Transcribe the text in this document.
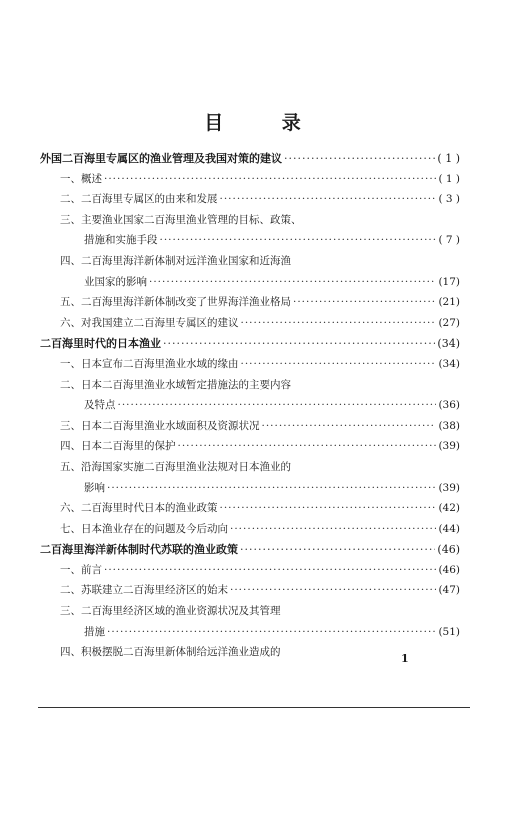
目 录
外国二百海里专属区的渔业管理及我国对策的建议 ·····	( 1 )
一、概述 ·····	( 1 )
二、二百海里专属区的由来和发展 ·····	( 3 )
三、主要渔业国家二百海里渔业管理的目标、政策、
措施和实施手段 ·····	( 7 )
四、二百海里海洋新体制对远洋渔业国家和近海渔
业国家的影响 ·····	(17)
五、二百海里海洋新体制改变了世界海洋渔业格局 ·····	(21)
六、对我国建立二百海里专属区的建议 ·····	(27)
二百海里时代的日本渔业 ·····	(34)
一、日本宣布二百海里渔业水域的缘由 ·····	(34)
二、日本二百海里渔业水域暂定措施法的主要内容
及特点 ·····	(36)
三、日本二百海里渔业水域面积及资源状况 ·····	(38)
四、日本二百海里的保护 ·····	(39)
五、沿海国家实施二百海里渔业法规对日本渔业的
影响 ·····	(39)
六、二百海里时代日本的渔业政策 ·····	(42)
七、日本渔业存在的问题及今后动向 ·····	(44)
二百海里海洋新体制时代苏联的渔业政策 ·····	(46)
一、前言 ·····	(46)
二、苏联建立二百海里经济区的始末 ·····	(47)
三、二百海里经济区域的渔业资源状况及其管理
措施 ·····	(51)
四、积极摆脱二百海里新体制给远洋渔业造成的	1
